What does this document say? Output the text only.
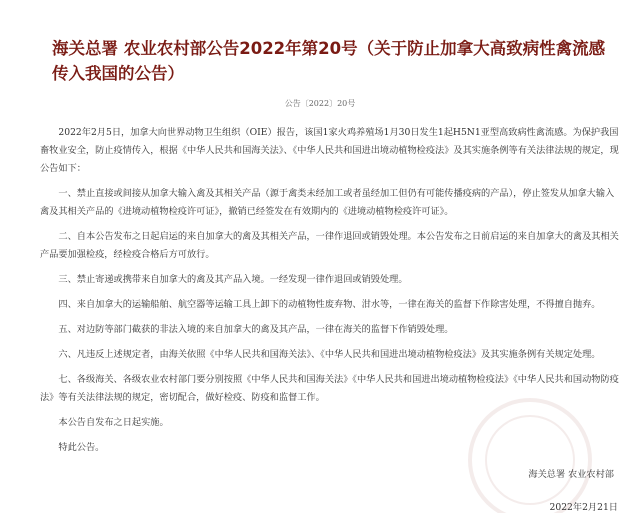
海关总署 农业农村部公告2022年第20号（关于防止加拿大高致病性禽流感传入我国的公告）
公告〔2022〕20号

2022年2月5日，加拿大向世界动物卫生组织（OIE）报告，该国1家火鸡养殖场1月30日发生1起H5N1亚型高致病性禽流感。为保护我国畜牧业安全，防止疫情传入，根据《中华人民共和国海关法》、《中华人民共和国进出境动植物检疫法》及其实施条例等有关法律法规的规定，现公告如下：

一、禁止直接或间接从加拿大输入禽及其相关产品（源于禽类未经加工或者虽经加工但仍有可能传播疫病的产品），停止签发从加拿大输入禽及其相关产品的《进境动植物检疫许可证》，撤销已经签发在有效期内的《进境动植物检疫许可证》。

二、自本公告发布之日起启运的来自加拿大的禽及其相关产品，一律作退回或销毁处理。本公告发布之日前启运的来自加拿大的禽及其相关产品要加强检疫，经检疫合格后方可放行。

三、禁止寄递或携带来自加拿大的禽及其产品入境。一经发现一律作退回或销毁处理。

四、来自加拿大的运输船舶、航空器等运输工具上卸下的动植物性废弃物、泔水等，一律在海关的监督下作除害处理，不得擅自抛弃。

五、对边防等部门截获的非法入境的来自加拿大的禽及其产品，一律在海关的监督下作销毁处理。

六、凡违反上述规定者，由海关依照《中华人民共和国海关法》、《中华人民共和国进出境动植物检疫法》及其实施条例有关规定处理。

七、各级海关、各级农业农村部门要分别按照《中华人民共和国海关法》《中华人民共和国进出境动植物检疫法》《中华人民共和国动物防疫法》等有关法律法规的规定，密切配合，做好检疫、防疫和监督工作。

本公告自发布之日起实施。

特此公告。

海关总署 农业农村部
2022年2月21日
